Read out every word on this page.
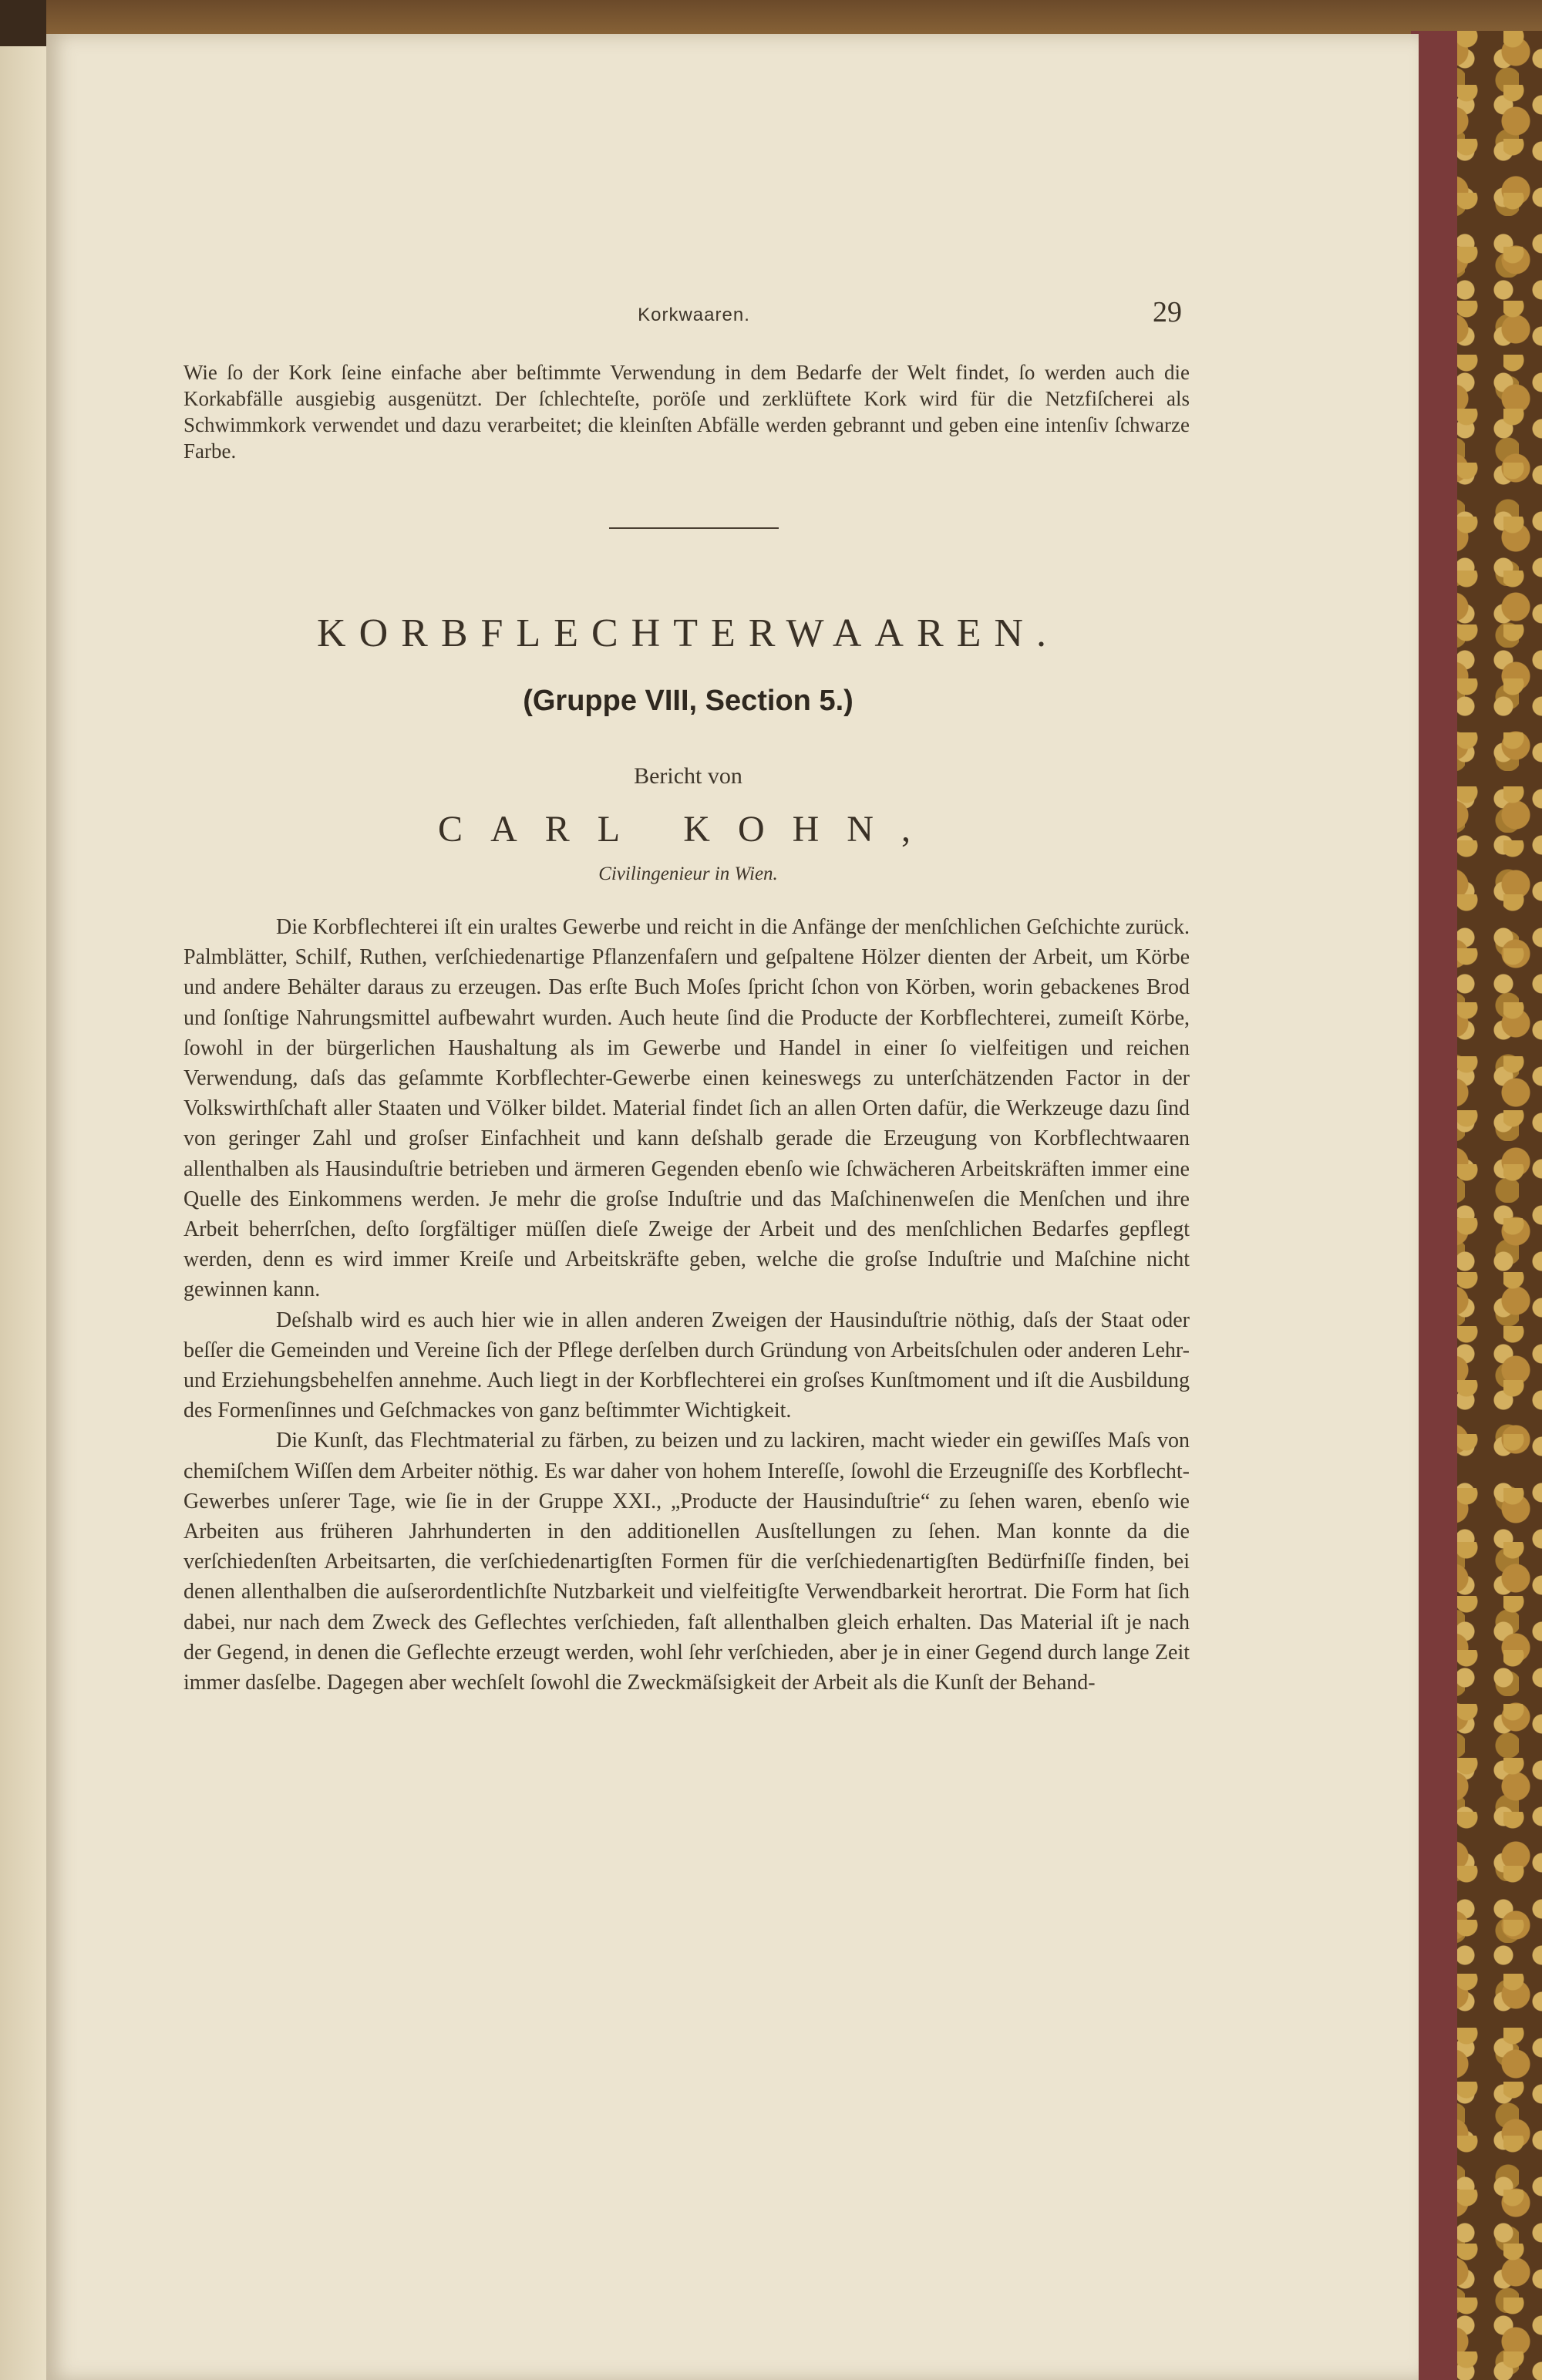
Korkwaaren.	29
Wie ſo der Kork ſeine einfache aber beſtimmte Verwendung in dem Bedarfe der Welt findet, ſo werden auch die Korkabfälle ausgiebig ausgenützt. Der ſchlechteſte, poröſe und zerklüftete Kork wird für die Netzfiſcherei als Schwimmkork verwendet und dazu verarbeitet; die kleinſten Abfälle werden gebrannt und geben eine intenſiv ſchwarze Farbe.
KORBFLECHTERWAAREN.
(Gruppe VIII, Section 5.)
Bericht von
CARL KOHN,
Civilingenieur in Wien.

Die Korbflechterei iſt ein uraltes Gewerbe und reicht in die Anfänge der menſchlichen Geſchichte zurück. Palmblätter, Schilf, Ruthen, verſchiedenartige Pflanzenfaſern und geſpaltene Hölzer dienten der Arbeit, um Körbe und andere Behälter daraus zu erzeugen. Das erſte Buch Moſes ſpricht ſchon von Körben, worin gebackenes Brod und ſonſtige Nahrungsmittel aufbewahrt wurden. Auch heute ſind die Producte der Korbflechterei, zumeiſt Körbe, ſowohl in der bürgerlichen Haushaltung als im Gewerbe und Handel in einer ſo vielfeitigen und reichen Verwendung, daſs das geſammte Korbflechter-Gewerbe einen keineswegs zu unterſchätzenden Factor in der Volkswirthſchaft aller Staaten und Völker bildet. Material findet ſich an allen Orten dafür, die Werkzeuge dazu ſind von geringer Zahl und groſser Einfachheit und kann deſshalb gerade die Erzeugung von Korbflechtwaaren allenthalben als Hausinduſtrie betrieben und ärmeren Gegenden ebenſo wie ſchwächeren Arbeitskräften immer eine Quelle des Einkommens werden. Je mehr die groſse Induſtrie und das Maſchinenweſen die Menſchen und ihre Arbeit beherrſchen, deſto ſorgfältiger müſſen dieſe Zweige der Arbeit und des menſchlichen Bedarfes gepflegt werden, denn es wird immer Kreiſe und Arbeitskräfte geben, welche die groſse Induſtrie und Maſchine nicht gewinnen kann.

Deſshalb wird es auch hier wie in allen anderen Zweigen der Hausinduſtrie nöthig, daſs der Staat oder beſſer die Gemeinden und Vereine ſich der Pflege derſelben durch Gründung von Arbeitsſchulen oder anderen Lehr- und Erziehungsbehelfen annehme. Auch liegt in der Korbflechterei ein groſses Kunſtmoment und iſt die Ausbildung des Formenſinnes und Geſchmackes von ganz beſtimmter Wichtigkeit.

Die Kunſt, das Flechtmaterial zu färben, zu beizen und zu lackiren, macht wieder ein gewiſſes Maſs von chemiſchem Wiſſen dem Arbeiter nöthig. Es war daher von hohem Intereſſe, ſowohl die Erzeugniſſe des Korbflecht-Gewerbes unſerer Tage, wie ſie in der Gruppe XXI., „Producte der Hausinduſtrie“ zu ſehen waren, ebenſo wie Arbeiten aus früheren Jahrhunderten in den additionellen Ausſtellungen zu ſehen. Man konnte da die verſchiedenſten Arbeitsarten, die verſchiedenartigſten Formen für die verſchiedenartigſten Bedürfniſſe finden, bei denen allenthalben die auſserordentlichſte Nutzbarkeit und vielfeitigſte Verwendbarkeit herortrat. Die Form hat ſich dabei, nur nach dem Zweck des Geflechtes verſchieden, faſt allenthalben gleich erhalten. Das Material iſt je nach der Gegend, in denen die Geflechte erzeugt werden, wohl ſehr verſchieden, aber je in einer Gegend durch lange Zeit immer dasſelbe. Dagegen aber wechſelt ſowohl die Zweckmäſsigkeit der Arbeit als die Kunſt der Behand-
